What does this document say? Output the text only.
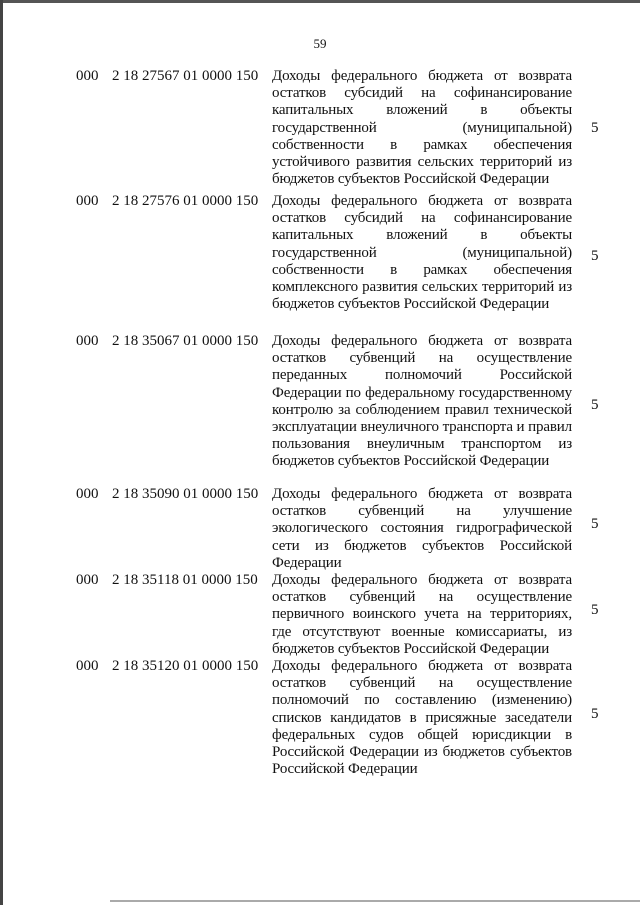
59
000 2 18 27567 01 0000 150 Доходы федерального бюджета от возврата остатков субсидий на софинансирование капитальных вложений в объекты государственной (муниципальной) собственности в рамках обеспечения устойчивого развития сельских территорий из бюджетов субъектов Российской Федерации
5
000 2 18 27576 01 0000 150 Доходы федерального бюджета от возврата остатков субсидий на софинансирование капитальных вложений в объекты государственной (муниципальной) собственности в рамках обеспечения комплексного развития сельских территорий из бюджетов субъектов Российской Федерации
5
000 2 18 35067 01 0000 150 Доходы федерального бюджета от возврата остатков субвенций на осуществление переданных полномочий Российской Федерации по федеральному государственному контролю за соблюдением правил технической эксплуатации внеуличного транспорта и правил пользования внеуличным транспортом из бюджетов субъектов Российской Федерации
5
000 2 18 35090 01 0000 150 Доходы федерального бюджета от возврата остатков субвенций на улучшение экологического состояния гидрографической сети из бюджетов субъектов Российской Федерации
5
000 2 18 35118 01 0000 150 Доходы федерального бюджета от возврата остатков субвенций на осуществление первичного воинского учета на территориях, где отсутствуют военные комиссариаты, из бюджетов субъектов Российской Федерации
5
000 2 18 35120 01 0000 150 Доходы федерального бюджета от возврата остатков субвенций на осуществление полномочий по составлению (изменению) списков кандидатов в присяжные заседатели федеральных судов общей юрисдикции в Российской Федерации из бюджетов субъектов Российской Федерации
5
